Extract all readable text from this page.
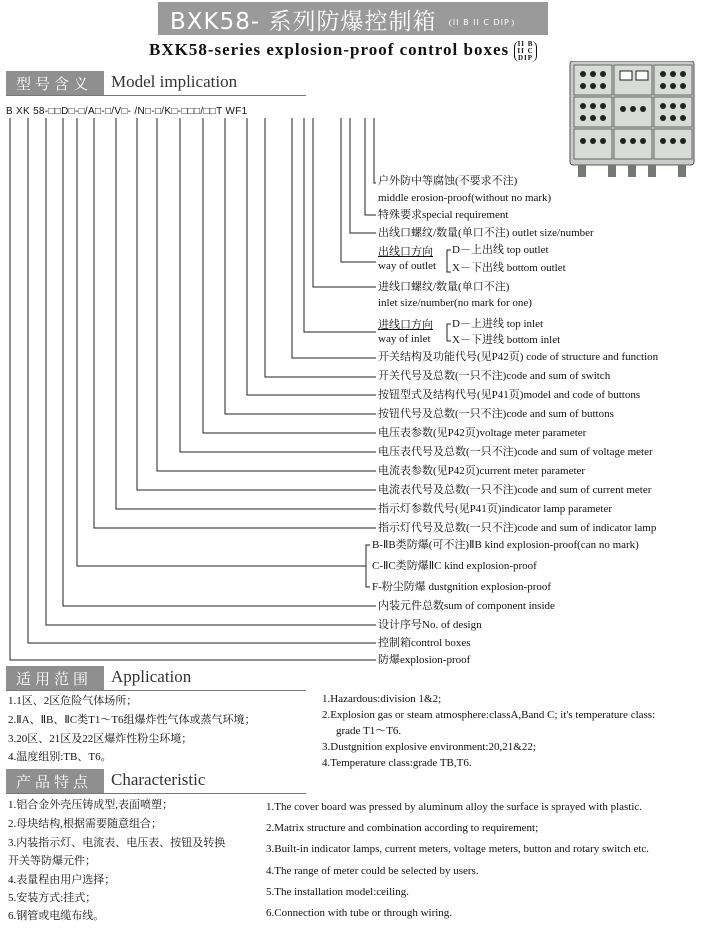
BXK58- 系列防爆控制箱 II B II C DIP
BXK58-series explosion-proof control boxes II B
II C
DIP
型号含义	Model implication
B XK 58-□□D□-□/A□-□/V□- /N□-□/K□-□□□/□□T WF1
户外防中等腐蚀(不要求不注)
middle erosion-proof(without no mark)
特殊要求special requirement
出线口螺纹/数量(单口不注) outlet size/number
出线口方向
way of outlet
D－上出线 top outlet
X－下出线 bottom outlet
进线口螺纹/数量(单口不注)
inlet size/number(no mark for one)
进线口方向
way of inlet
D－上进线 top inlet
X－下进线 bottom inlet
开关结构及功能代号(见P42页) code of structure and function
开关代号及总数(一只不注)code and sum of switch
按钮型式及结构代号(见P41页)model and code of buttons
按钮代号及总数(一只不注)code and sum of buttons
电压表参数(见P42页)voltage meter parameter
电压表代号及总数(一只不注)code and sum of voltage meter
电流表参数(见P42页)current meter parameter
电流表代号及总数(一只不注)code and sum of current meter
指示灯参数代号(见P41页)indicator lamp parameter
指示灯代号及总数(一只不注)code and sum of indicator lamp
B-ⅡB类防爆(可不注)ⅡB kind explosion-proof(can no mark)
C-ⅡC类防爆ⅡC kind explosion-proof
F-粉尘防爆 dustgnition explosion-proof
内装元件总数sum of component inside
设计序号No. of design
控制箱control boxes
防爆explosion-proof
适用范围	Application
1.1区、2区危险气体场所；
2.ⅡA、ⅡB、ⅡC类T1～T6组爆炸性气体或蒸气环境；
3.20区、21区及22区爆炸性粉尘环境；
4.温度组别:TB、T6。
1.Hazardous:division 1&2;
2.Explosion gas or steam atmosphere:classA,Band C; it's temperature class:
grade T1～T6.
3.Dustgnition explosive environment:20,21&22;
4.Temperature class:grade TB,T6.
产品特点	Characteristic
1.铝合金外壳压铸成型,表面喷塑；
2.母块结构,根据需要随意组合；
3.内装指示灯、电流表、电压表、按钮及转换
开关等防爆元件；
4.表量程由用户选择；
5.安装方式:挂式；
6.钢管或电缆布线。
1.The cover board was pressed by aluminum alloy the surface is sprayed with plastic.
2.Matrix structure and combination according to requirement;
3.Built-in indicator lamps, current meters, voltage meters, button and rotary switch etc.
4.The range of meter could be selected by users.
5.The installation model:ceiling.
6.Connection with tube or through wiring.
